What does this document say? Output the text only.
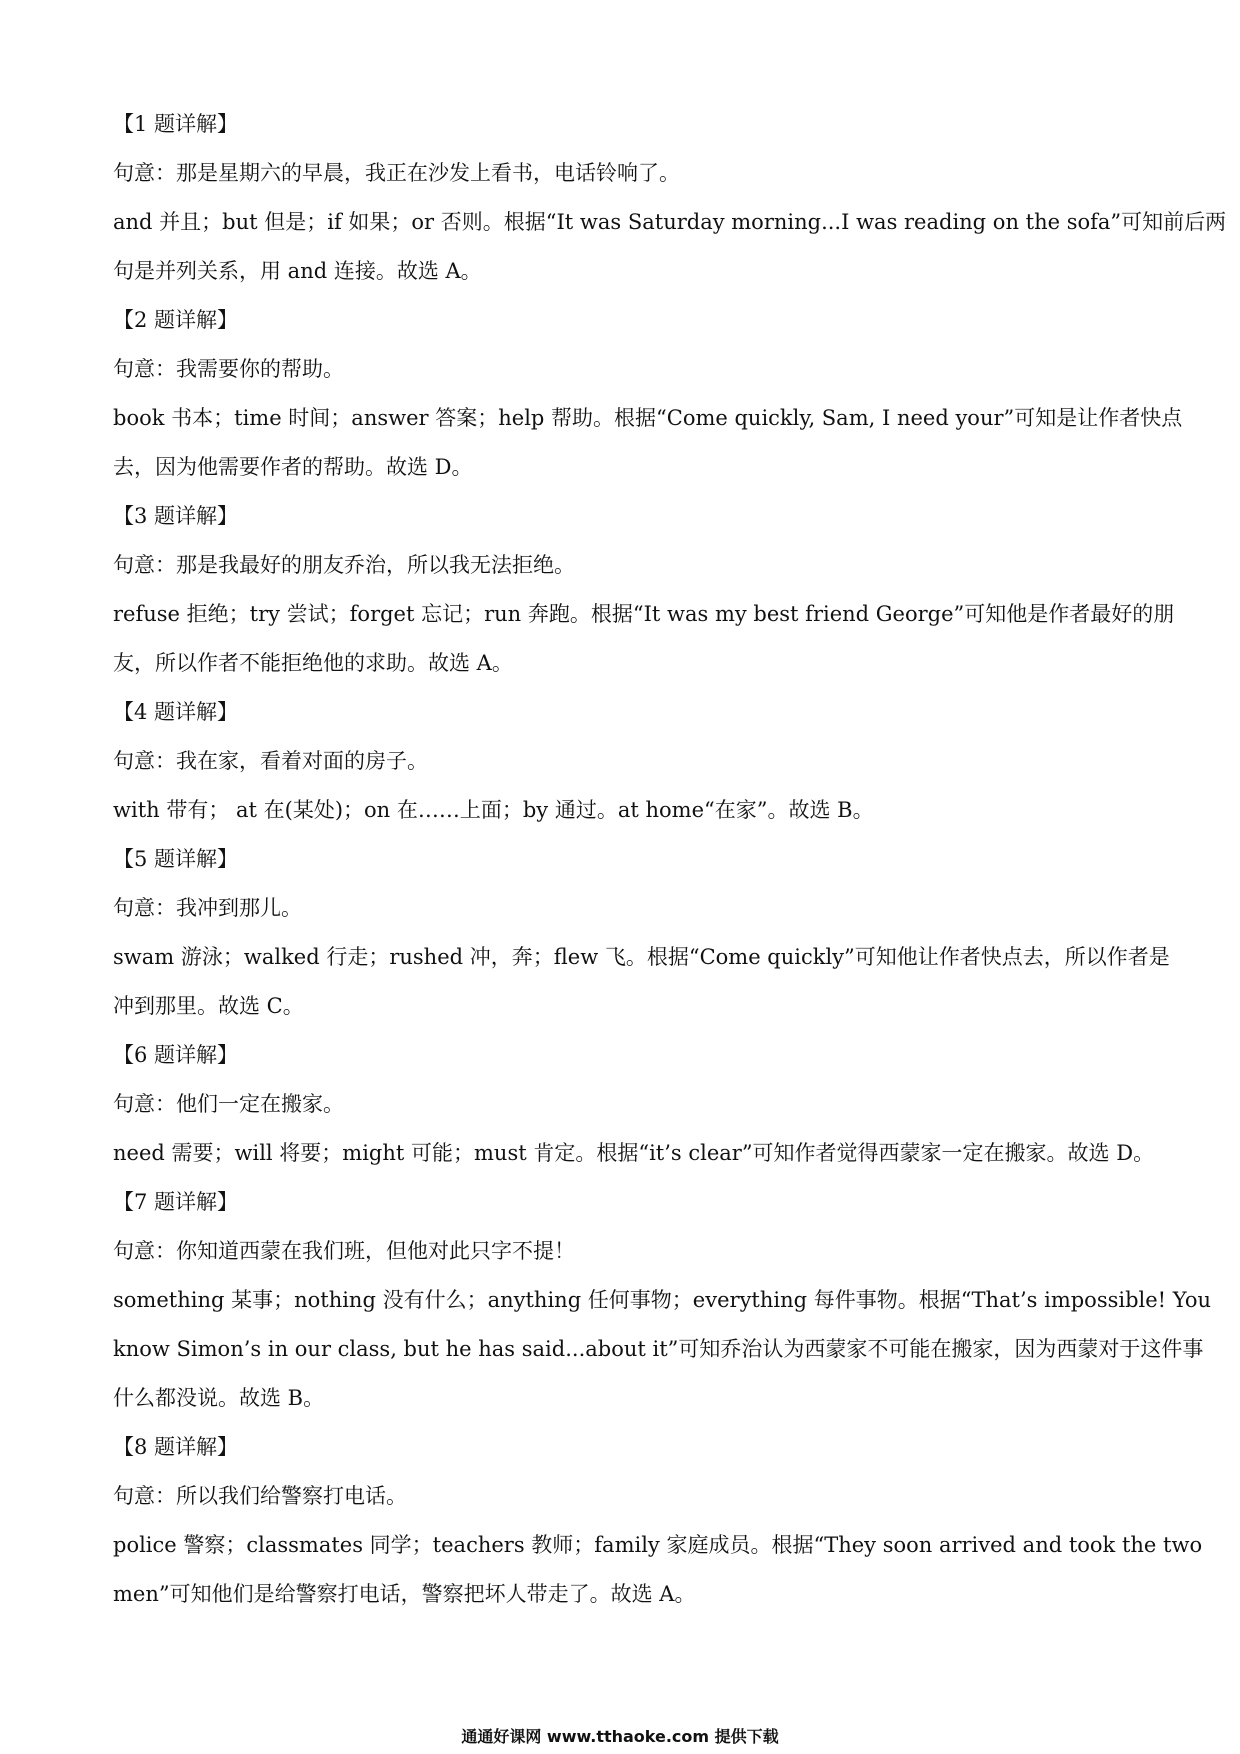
【1 题详解】
句意：那是星期六的早晨，我正在沙发上看书，电话铃响了。
and 并且；but 但是；if 如果；or 否则。根据“It was Saturday morning...I was reading on the sofa”可知前后两
句是并列关系，用 and 连接。故选 A。
【2 题详解】
句意：我需要你的帮助。
book 书本；time 时间；answer 答案；help 帮助。根据“Come quickly, Sam, I need your”可知是让作者快点
去，因为他需要作者的帮助。故选 D。
【3 题详解】
句意：那是我最好的朋友乔治，所以我无法拒绝。
refuse 拒绝；try 尝试；forget 忘记；run 奔跑。根据“It was my best friend George”可知他是作者最好的朋
友，所以作者不能拒绝他的求助。故选 A。
【4 题详解】
句意：我在家，看着对面的房子。
with 带有； at 在(某处)；on 在……上面；by 通过。at home“在家”。故选 B。
【5 题详解】
句意：我冲到那儿。
swam 游泳；walked 行走；rushed 冲，奔；flew 飞。根据“Come quickly”可知他让作者快点去，所以作者是
冲到那里。故选 C。
【6 题详解】
句意：他们一定在搬家。
need 需要；will 将要；might 可能；must 肯定。根据“it’s clear”可知作者觉得西蒙家一定在搬家。故选 D。
【7 题详解】
句意：你知道西蒙在我们班，但他对此只字不提！
something 某事；nothing 没有什么；anything 任何事物；everything 每件事物。根据“That’s impossible! You
know Simon’s in our class, but he has said...about it”可知乔治认为西蒙家不可能在搬家，因为西蒙对于这件事
什么都没说。故选 B。
【8 题详解】
句意：所以我们给警察打电话。
police 警察；classmates 同学；teachers 教师；family 家庭成员。根据“They soon arrived and took the two
men”可知他们是给警察打电话，警察把坏人带走了。故选 A。
通通好课网 www.tthaoke.com 提供下载
